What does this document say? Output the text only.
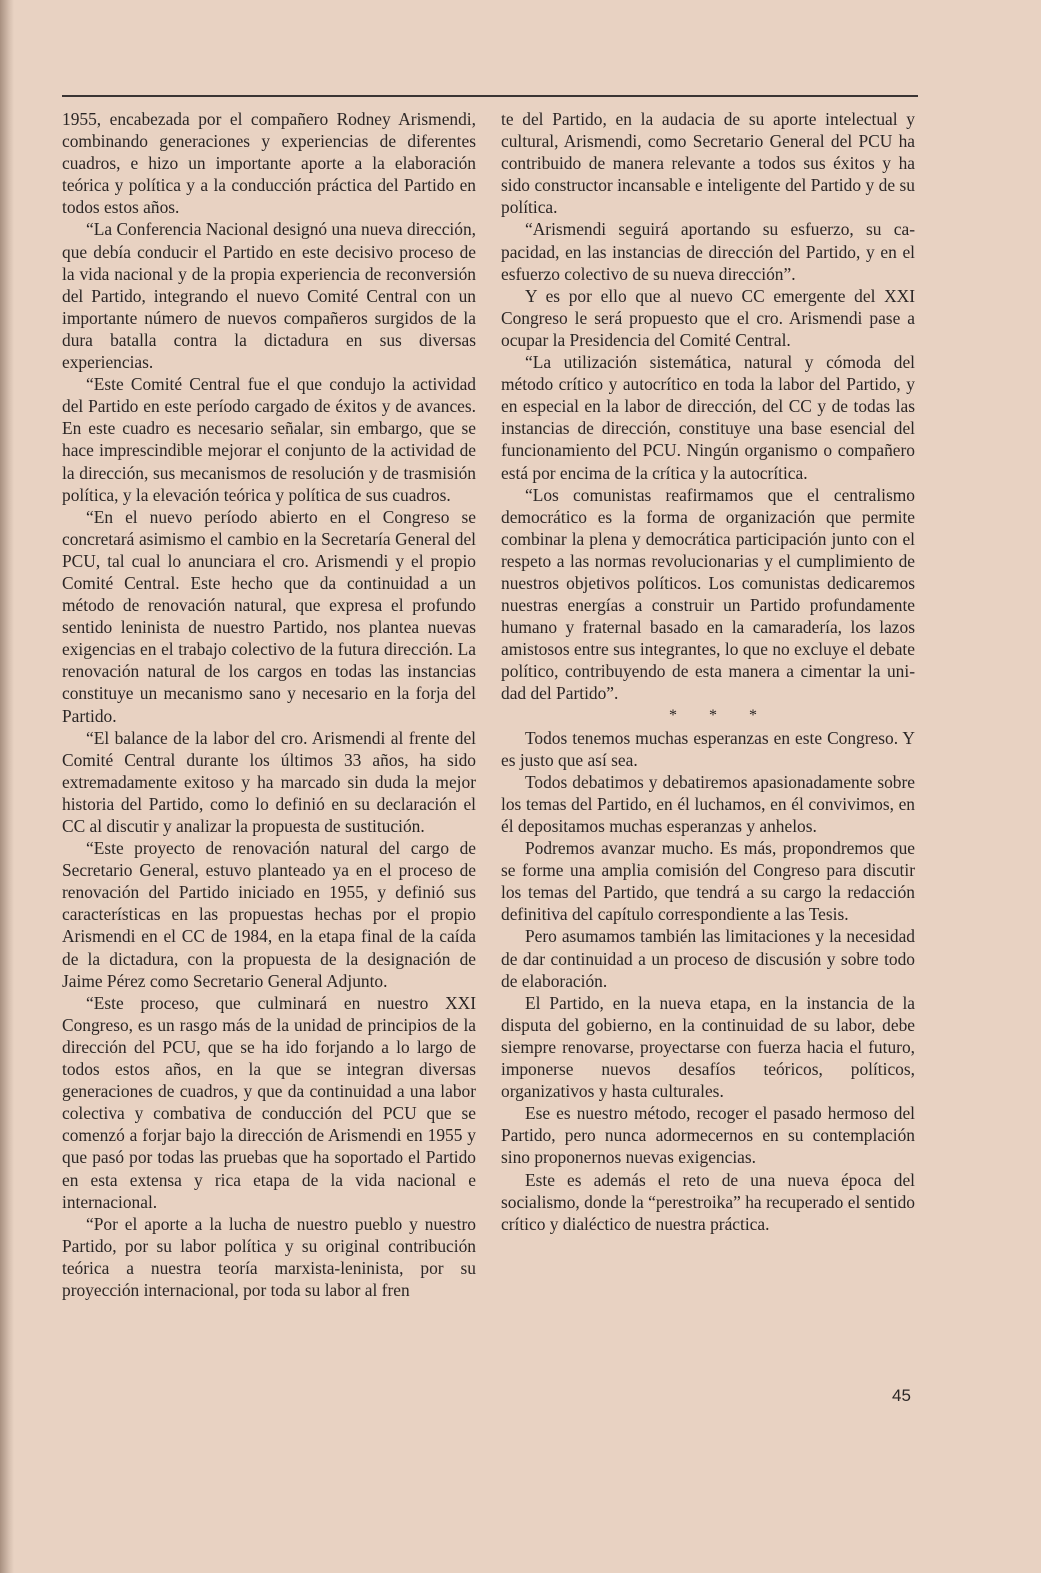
1955, encabezada por el compañero Rodney Arismendi, combinando generaciones y experiencias de diferentes cuadros, e hizo un importante aporte a la elaboración teórica y política y a la conducción práctica del Partido en todos estos años.

“La Conferencia Nacional designó una nueva dirección, que debía conducir el Partido en este decisivo proceso de la vida nacional y de la propia experiencia de reconversión del Partido, integrando el nuevo Comité Central con un importante número de nuevos compañeros surgidos de la dura batalla contra la dictadura en sus diversas experiencias.

“Este Comité Central fue el que condujo la actividad del Partido en este período cargado de éxitos y de avances. En este cuadro es necesario señalar, sin embargo, que se hace imprescindible mejorar el conjunto de la actividad de la dirección, sus mecanismos de resolución y de trasmisión política, y la elevación teórica y política de sus cuadros.

“En el nuevo período abierto en el Congreso se concretará asimismo el cambio en la Secretaría General del PCU, tal cual lo anunciara el cro. Arismendi y el propio Comité Central. Este hecho que da continuidad a un método de renovación natural, que expresa el profundo sentido leninista de nuestro Partido, nos plantea nuevas exigencias en el trabajo colectivo de la futura dirección. La renovación natural de los cargos en todas las instancias constituye un mecanismo sano y necesario en la forja del Partido.

“El balance de la labor del cro. Arismendi al frente del Comité Central durante los últimos 33 años, ha sido extremadamente exitoso y ha marcado sin duda la mejor historia del Partido, como lo definió en su declaración el CC al discutir y analizar la propuesta de sustitución.

“Este proyecto de renovación natural del cargo de Secretario General, estuvo planteado ya en el proceso de renovación del Partido iniciado en 1955, y definió sus características en las propuestas hechas por el propio Arismendi en el CC de 1984, en la etapa final de la caída de la dictadura, con la propuesta de la designación de Jaime Pérez como Secretario General Adjunto.

“Este proceso, que culminará en nuestro XXI Congreso, es un rasgo más de la unidad de principios de la dirección del PCU, que se ha ido forjando a lo largo de todos estos años, en la que se integran diversas generaciones de cuadros, y que da continuidad a una labor colectiva y combativa de conducción del PCU que se comenzó a forjar bajo la dirección de Arismendi en 1955 y que pasó por todas las pruebas que ha soportado el Partido en esta extensa y rica etapa de la vida nacional e internacional.

“Por el aporte a la lucha de nuestro pueblo y nuestro Partido, por su labor política y su original contribución teórica a nuestra teoría marxista-leninista, por su proyección internacional, por toda su labor al fren

te del Partido, en la audacia de su aporte intelectual y cultural, Arismendi, como Secretario General del PCU ha contribuido de manera relevante a todos sus éxitos y ha sido constructor incansable e inteligente del Partido y de su política.

“Arismendi seguirá aportando su esfuerzo, su capacidad, en las instancias de dirección del Partido, y en el esfuerzo colectivo de su nueva dirección”.

Y es por ello que al nuevo CC emergente del XXI Congreso le será propuesto que el cro. Arismendi pase a ocupar la Presidencia del Comité Central.

“La utilización sistemática, natural y cómoda del método crítico y autocrítico en toda la labor del Partido, y en especial en la labor de dirección, del CC y de todas las instancias de dirección, constituye una base esencial del funcionamiento del PCU. Ningún organismo o compañero está por encima de la crítica y la autocrítica.

“Los comunistas reafirmamos que el centralismo democrático es la forma de organización que permite combinar la plena y democrática participación junto con el respeto a las normas revolucionarias y el cumplimiento de nuestros objetivos políticos. Los comunistas dedicaremos nuestras energías a construir un Partido profundamente humano y fraternal basado en la camaradería, los lazos amistosos entre sus integrantes, lo que no excluye el debate político, contribuyendo de esta manera a cimentar la unidad del Partido”.

* * *

Todos tenemos muchas esperanzas en este Congreso. Y es justo que así sea.

Todos debatimos y debatiremos apasionadamente sobre los temas del Partido, en él luchamos, en él convivimos, en él depositamos muchas esperanzas y anhelos.

Podremos avanzar mucho. Es más, propondremos que se forme una amplia comisión del Congreso para discutir los temas del Partido, que tendrá a su cargo la redacción definitiva del capítulo correspondiente a las Tesis.

Pero asumamos también las limitaciones y la necesidad de dar continuidad a un proceso de discusión y sobre todo de elaboración.

El Partido, en la nueva etapa, en la instancia de la disputa del gobierno, en la continuidad de su labor, debe siempre renovarse, proyectarse con fuerza hacia el futuro, imponerse nuevos desafíos teóricos, políticos, organizativos y hasta culturales.

Ese es nuestro método, recoger el pasado hermoso del Partido, pero nunca adormecernos en su contemplación sino proponernos nuevas exigencias.

Este es además el reto de una nueva época del socialismo, donde la “perestroika” ha recuperado el sentido crítico y dialéctico de nuestra práctica.

45
